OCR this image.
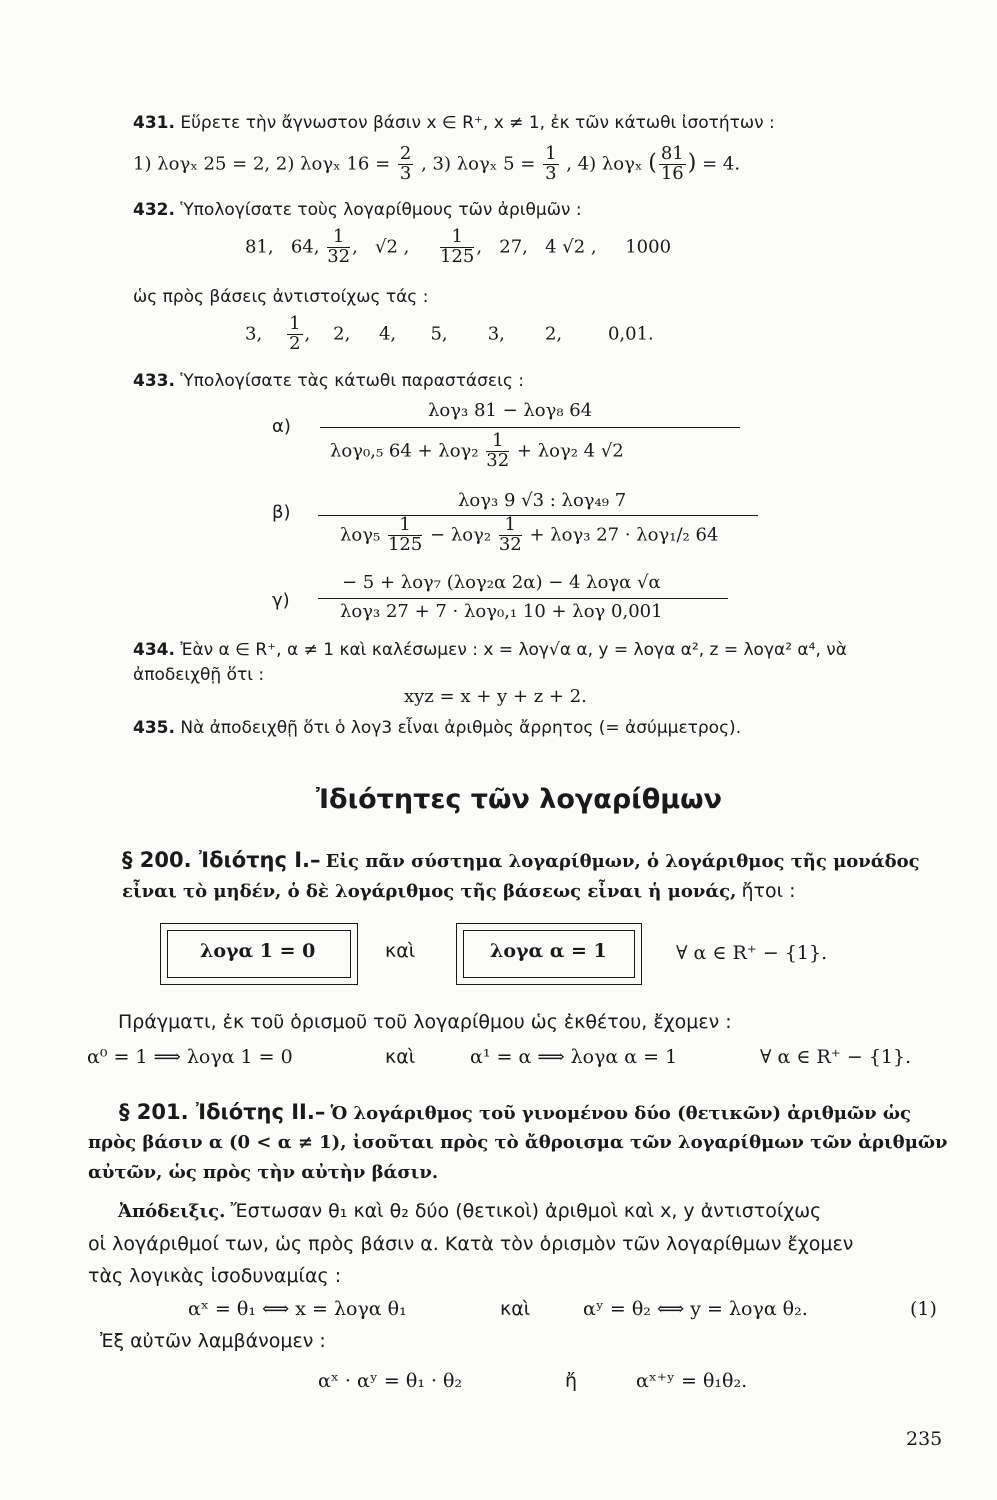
431. Εὕρετε τὴν ἄγνωστον βάσιν x ∈ R⁺, x ≠ 1, ἐκ τῶν κάτωθι ἰσοτήτων :
1) λογₓ 25 = 2, 2) λογₓ $16 = \frac{2}{3}$ , 3) λογₓ $5 = \frac{1}{3}$ , 4) λογₓ ( $\frac{81}{16}$ ) = 4.
432. Ὑπολογίσατε τοὺς λογαρίθμους τῶν ἀριθμῶν :
81, 64, $\frac{1}{32}$ , √2 , $\frac{1}{125}$ , 27, 4 √2 , 1000
ὡς πρὸς βάσεις ἀντιστοίχως τάς :
3, $\frac{1}{2}$ , 2, 4, 5, 3, 2,	0,01.
433. Ὑπολογίσατε τὰς κάτωθι παραστάσεις :
α)
λογ₃ 81 − λογ₈ 64
λογ₀,₅ $64 + \lambda o\gamma_2 \frac{1}{32} + \lambda o\gamma_2$ 4 √2
β)
λογ₃ 9 √3 : λογ₄₉ 7
$\lambda o\gamma_5 \frac{1}{125} - \lambda o\gamma_2 \frac{1}{32} + \lambda o\gamma_3$ 27 · λογ₁/₂ 64
γ)
− 5 + λογ₇ (λογ₂α 2α) − 4 λογα √α
λογ₃ 27 + 7 · λογ₀,₁ 10 + λογ 0,001
434. Ἐὰν α ∈ R⁺, α ≠ 1 καὶ καλέσωμεν : x = λογ√α α, y = λογα α², z = λογα² α⁴, νὰ
ἀποδειχθῇ ὅτι :
xyz = x + y + z + 2.
435. Νὰ ἀποδειχθῇ ὅτι ὁ λογ3 εἶναι ἀριθμὸς ἄρρητος (= ἀσύμμετρος).
Ἰδιότητες τῶν λογαρίθμων
§ 200. Ἰδιότης I.– Εἰς πᾶν σύστημα λογαρίθμων, ὁ λογάριθμος τῆς μονάδος
εἶναι τὸ μηδέν, ὁ δὲ λογάριθμος τῆς βάσεως εἶναι ἡ μονάς, ἤτοι :
λογα 1 = 0	καὶ	λογα α = 1	∀ α ∈ R⁺ − {1}.
Πράγματι, ἐκ τοῦ ὁρισμοῦ τοῦ λογαρίθμου ὡς ἐκθέτου, ἔχομεν :
α⁰ = 1 ⟹ λογα 1 = 0	καὶ	α¹ = α ⟹ λογα α = 1	∀ α ∈ R⁺ − {1}.
§ 201. Ἰδιότης II.– Ὁ λογάριθμος τοῦ γινομένου δύο (θετικῶν) ἀριθμῶν ὡς
πρὸς βάσιν α (0 < α ≠ 1), ἰσοῦται πρὸς τὸ ἄθροισμα τῶν λογαρίθμων τῶν ἀριθμῶν
αὐτῶν, ὡς πρὸς τὴν αὐτὴν βάσιν.
Ἀπόδειξις. Ἔστωσαν θ₁ καὶ θ₂ δύο (θετικοὶ) ἀριθμοὶ καὶ x, y ἀντιστοίχως
οἱ λογάριθμοί των, ὡς πρὸς βάσιν α. Κατὰ τὸν ὁρισμὸν τῶν λογαρίθμων ἔχομεν
τὰς λογικὰς ἰσοδυναμίας :
αˣ = θ₁ ⟺ x = λογα θ₁	καὶ	αʸ = θ₂ ⟺ y = λογα θ₂.	(1)
Ἐξ αὐτῶν λαμβάνομεν :
αˣ · αʸ = θ₁ · θ₂	ἤ	αˣ⁺ʸ = θ₁θ₂.
235
